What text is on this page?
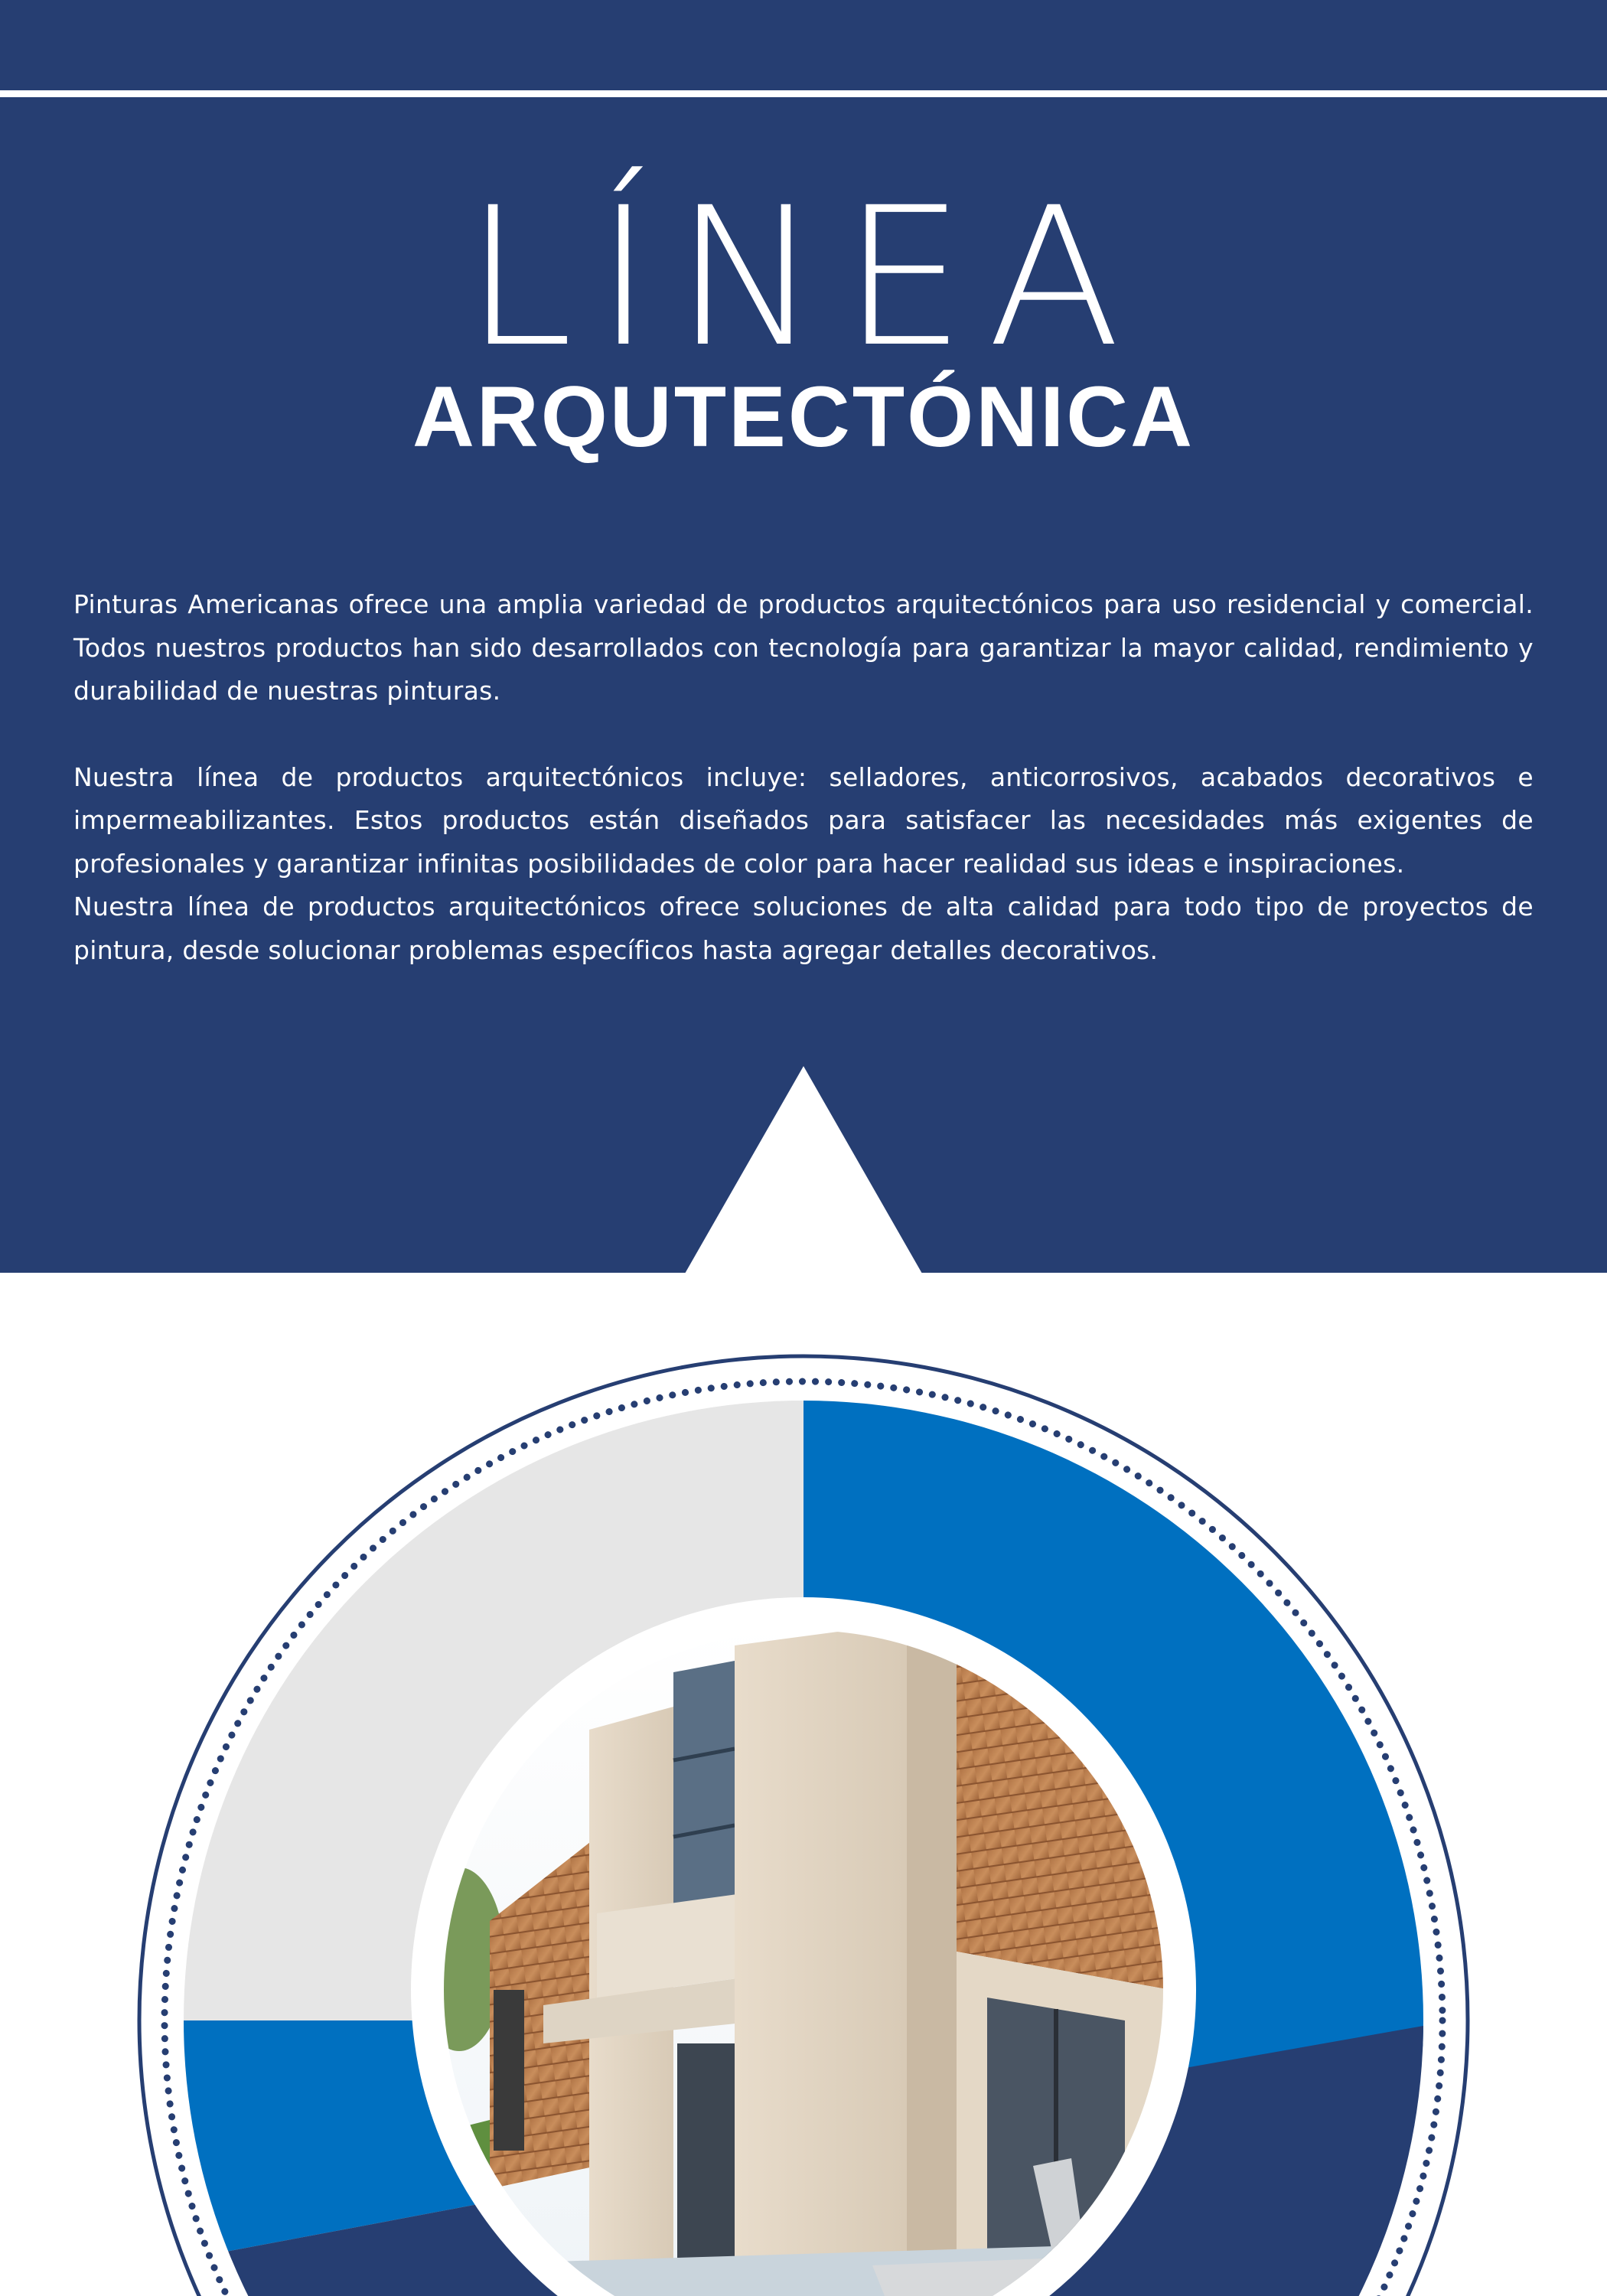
LÍNEA
ARQUTECTÓNICA

Pinturas Americanas ofrece una amplia variedad de productos arquitectónicos para uso residencial y comercial. Todos nuestros productos han sido desarrollados con tecnología para garantizar la mayor calidad, rendimiento y durabilidad de nuestras pinturas.

Nuestra línea de productos arquitectónicos incluye: selladores, anticorrosivos, acabados decorativos e impermeabilizantes. Estos productos están diseñados para satisfacer las necesidades más exigentes de profesionales y garantizar infinitas posibilidades de color para hacer realidad sus ideas e inspiraciones.

Nuestra línea de productos arquitectónicos ofrece soluciones de alta calidad para todo tipo de proyectos de pintura, desde solucionar problemas específicos hasta agregar detalles decorativos.
